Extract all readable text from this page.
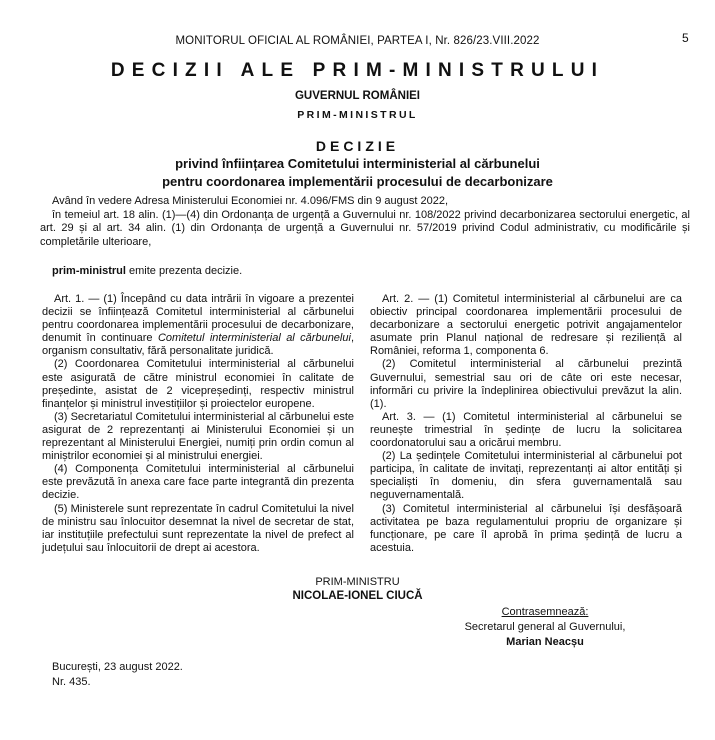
MONITORUL OFICIAL AL ROMÂNIEI, PARTEA I, Nr. 826/23.VIII.2022	5
DECIZII ALE PRIM-MINISTRULUI
GUVERNUL ROMÂNIEI
PRIM-MINISTRUL
DECIZIE
privind înființarea Comitetului interministerial al cărbunelui
pentru coordonarea implementării procesului de decarbonizare

Având în vedere Adresa Ministerului Economiei nr. 4.096/FMS din 9 august 2022,

în temeiul art. 18 alin. (1)—(4) din Ordonanța de urgență a Guvernului nr. 108/2022 privind decarbonizarea sectorului energetic, al art. 29 și al art. 34 alin. (1) din Ordonanța de urgență a Guvernului nr. 57/2019 privind Codul administrativ, cu modificările și completările ulterioare,

prim-ministrul emite prezenta decizie.

Art. 1. — (1) Începând cu data intrării în vigoare a prezentei decizii se înființează Comitetul interministerial al cărbunelui pentru coordonarea implementării procesului de decarbonizare, denumit în continuare Comitetul interministerial al cărbunelui, organism consultativ, fără personalitate juridică.

(2) Coordonarea Comitetului interministerial al cărbunelui este asigurată de către ministrul economiei în calitate de președinte, asistat de 2 vicepreședinți, respectiv ministrul finanțelor și ministrul investițiilor și proiectelor europene.

(3) Secretariatul Comitetului interministerial al cărbunelui este asigurat de 2 reprezentanți ai Ministerului Economiei și un reprezentant al Ministerului Energiei, numiți prin ordin comun al miniștrilor economiei și al ministrului energiei.

(4) Componența Comitetului interministerial al cărbunelui este prevăzută în anexa care face parte integrantă din prezenta decizie.

(5) Ministerele sunt reprezentate în cadrul Comitetului la nivel de ministru sau înlocuitor desemnat la nivel de secretar de stat, iar instituțiile prefectului sunt reprezentate la nivel de prefect al județului sau înlocuitorii de drept ai acestora.

Art. 2. — (1) Comitetul interministerial al cărbunelui are ca obiectiv principal coordonarea implementării procesului de decarbonizare a sectorului energetic potrivit angajamentelor asumate prin Planul național de redresare și reziliență al României, reforma 1, componenta 6.

(2) Comitetul interministerial al cărbunelui prezintă Guvernului, semestrial sau ori de câte ori este necesar, informări cu privire la îndeplinirea obiectivului prevăzut la alin. (1).

Art. 3. — (1) Comitetul interministerial al cărbunelui se reunește trimestrial în ședințe de lucru la solicitarea coordonatorului sau a oricărui membru.

(2) La ședințele Comitetului interministerial al cărbunelui pot participa, în calitate de invitați, reprezentanți ai altor entități și specialiști în domeniu, din sfera guvernamentală sau neguvernamentală.

(3) Comitetul interministerial al cărbunelui își desfășoară activitatea pe baza regulamentului propriu de organizare și funcționare, pe care îl aprobă în prima ședință de lucru a acestuia.

PRIM-MINISTRU
NICOLAE-IONEL CIUCĂ
Contrasemnează:
Secretarul general al Guvernului,
Marian Neacșu
București, 23 august 2022.
Nr. 435.
